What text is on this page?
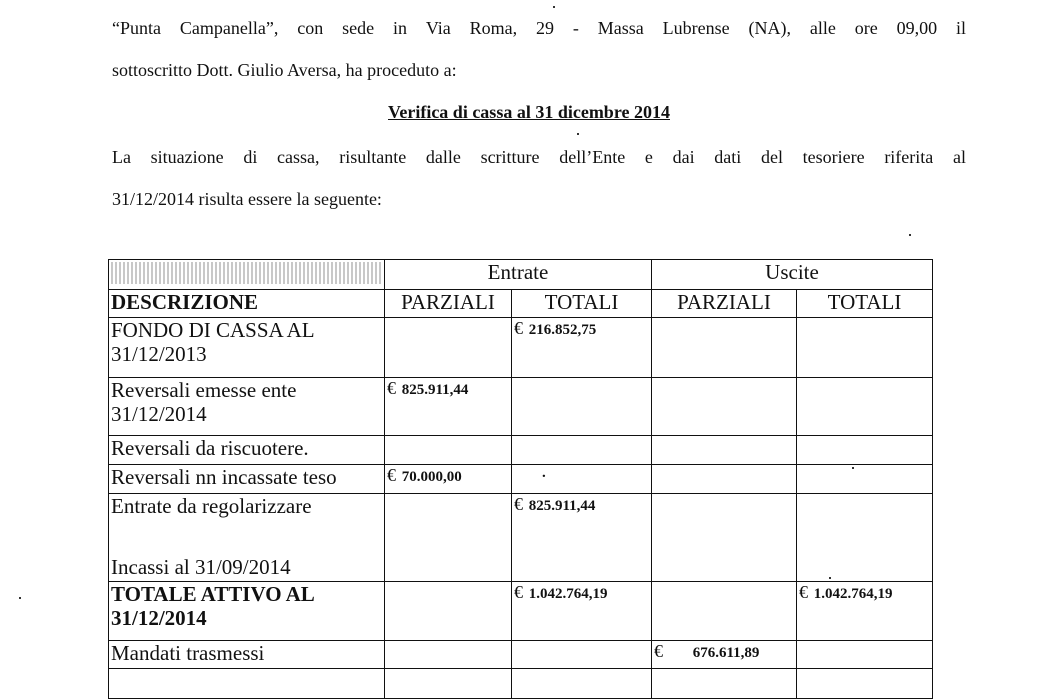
“Punta Campanella”, con sede in Via Roma, 29 - Massa Lubrense (NA), alle ore 09,00 il
sottoscritto Dott. Giulio Aversa, ha proceduto a:
Verifica di cassa al 31 dicembre 2014
La situazione di cassa, risultante dalle scritture dell’Ente e dai dati del tesoriere riferita al
31/12/2014 risulta essere la seguente:
	Entrate		Uscite	
DESCRIZIONE	PARZIALI	TOTALI	PARZIALI	TOTALI
FONDO DI CASSA AL 31/12/2013		€ 216.852,75		
Reversali emesse ente 31/12/2014	€ 825.911,44			
Reversali da riscuotere.				
Reversali nn incassate teso	€ 70.000,00	.		

Entrate da regolarizzare
Incassi al 31/09/2014		€ 825.911,44		
TOTALE ATTIVO AL 31/12/2014		€ 1.042.764,19		€ 1.042.764,19
Mandati trasmessi			€ 676.611,89	
